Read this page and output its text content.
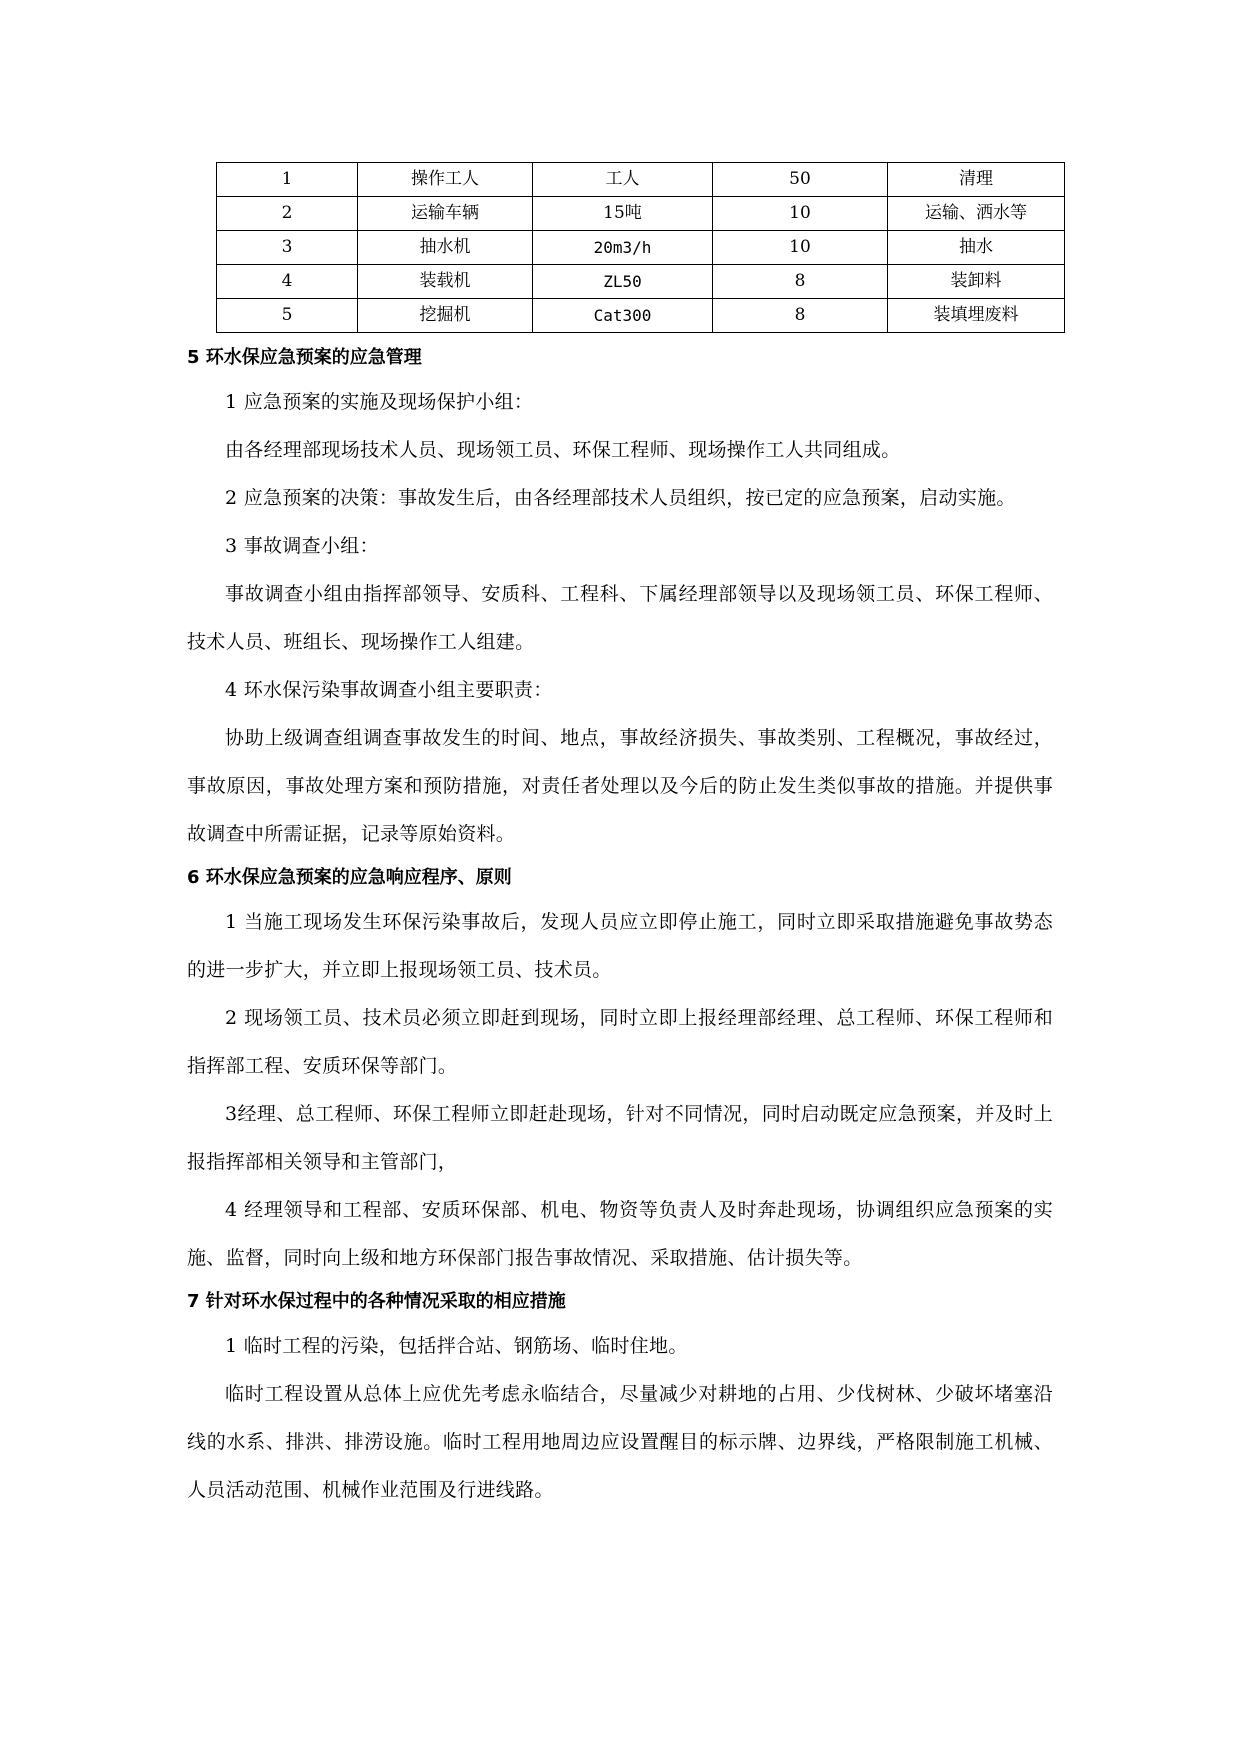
1	操作工人	工人	50	清理
2	运输车辆	15吨	10	运输、洒水等
3	抽水机	20m3/h	10	抽水
4	装载机	ZL50	8	装卸料
5	挖掘机	Cat300	8	装填埋废料
5 环水保应急预案的应急管理

1 应急预案的实施及现场保护小组：

由各经理部现场技术人员、现场领工员、环保工程师、现场操作工人共同组成。

2 应急预案的决策：事故发生后，由各经理部技术人员组织，按已定的应急预案，启动实施。

3 事故调查小组：

事故调查小组由指挥部领导、安质科、工程科、下属经理部领导以及现场领工员、环保工程师、技术人员、班组长、现场操作工人组建。

4 环水保污染事故调查小组主要职责：

协助上级调查组调查事故发生的时间、地点，事故经济损失、事故类别、工程概况，事故经过，事故原因，事故处理方案和预防措施，对责任者处理以及今后的防止发生类似事故的措施。并提供事故调查中所需证据，记录等原始资料。

6 环水保应急预案的应急响应程序、原则

1 当施工现场发生环保污染事故后，发现人员应立即停止施工，同时立即采取措施避免事故势态的进一步扩大，并立即上报现场领工员、技术员。

2 现场领工员、技术员必须立即赶到现场，同时立即上报经理部经理、总工程师、环保工程师和指挥部工程、安质环保等部门。

3经理、总工程师、环保工程师立即赶赴现场，针对不同情况，同时启动既定应急预案，并及时上报指挥部相关领导和主管部门，

4 经理领导和工程部、安质环保部、机电、物资等负责人及时奔赴现场，协调组织应急预案的实施、监督，同时向上级和地方环保部门报告事故情况、采取措施、估计损失等。

7 针对环水保过程中的各种情况采取的相应措施

1 临时工程的污染，包括拌合站、钢筋场、临时住地。

临时工程设置从总体上应优先考虑永临结合，尽量减少对耕地的占用、少伐树林、少破坏堵塞沿线的水系、排洪、排涝设施。临时工程用地周边应设置醒目的标示牌、边界线，严格限制施工机械、人员活动范围、机械作业范围及行进线路。
